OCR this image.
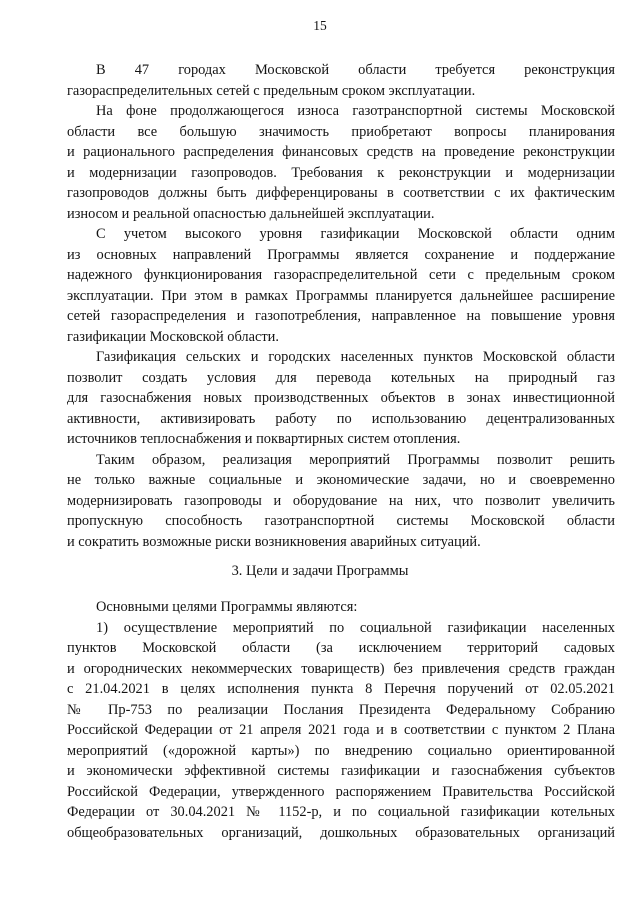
15
В 47 городах Московской области требуется реконструкция
газораспределительных сетей с предельным сроком эксплуатации.
На фоне продолжающегося износа газотранспортной системы Московской
области все большую значимость приобретают вопросы планирования
и рационального распределения финансовых средств на проведение реконструкции
и модернизации газопроводов. Требования к реконструкции и модернизации
газопроводов должны быть дифференцированы в соответствии с их фактическим
износом и реальной опасностью дальнейшей эксплуатации.
С учетом высокого уровня газификации Московской области одним
из основных направлений Программы является сохранение и поддержание
надежного функционирования газораспределительной сети с предельным сроком
эксплуатации. При этом в рамках Программы планируется дальнейшее расширение
сетей газораспределения и газопотребления, направленное на повышение уровня
газификации Московской области.
Газификация сельских и городских населенных пунктов Московской области
позволит создать условия для перевода котельных на природный газ
для газоснабжения новых производственных объектов в зонах инвестиционной
активности, активизировать работу по использованию децентрализованных
источников теплоснабжения и поквартирных систем отопления.
Таким образом, реализация мероприятий Программы позволит решить
не только важные социальные и экономические задачи, но и своевременно
модернизировать газопроводы и оборудование на них, что позволит увеличить
пропускную способность газотранспортной системы Московской области
и сократить возможные риски возникновения аварийных ситуаций.
3. Цели и задачи Программы
Основными целями Программы являются:
1) осуществление мероприятий по социальной газификации населенных
пунктов Московской области (за исключением территорий садовых
и огороднических некоммерческих товариществ) без привлечения средств граждан
с 21.04.2021 в целях исполнения пункта 8 Перечня поручений от 02.05.2021
№ Пр-753 по реализации Послания Президента Федеральному Собранию
Российской Федерации от 21 апреля 2021 года и в соответствии с пунктом 2 Плана
мероприятий («дорожной карты») по внедрению социально ориентированной
и экономически эффективной системы газификации и газоснабжения субъектов
Российской Федерации, утвержденного распоряжением Правительства Российской
Федерации от 30.04.2021 № 1152-р, и по социальной газификации котельных
общеобразовательных организаций, дошкольных образовательных организаций
